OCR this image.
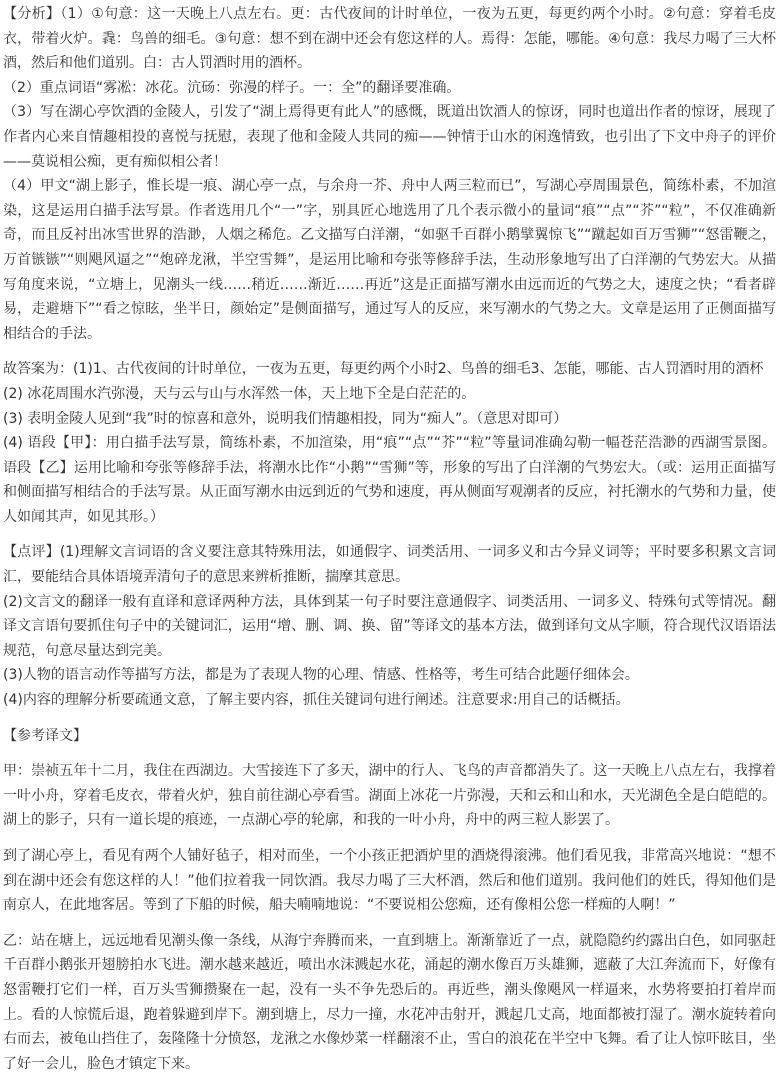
【分析】（1）①句意：这一天晚上八点左右。更：古代夜间的计时单位，一夜为五更，每更约两个小时。②句意：穿着毛皮衣，带着火炉。毳：鸟兽的细毛。③句意：想不到在湖中还会有您这样的人。焉得：怎能，哪能。④句意：我尽力喝了三大杯酒，然后和他们道别。白：古人罚酒时用的酒杯。

（2）重点词语“雾凇：冰花。沆砀：弥漫的样子。一：全”的翻译要准确。

（3）写在湖心亭饮酒的金陵人，引发了“湖上焉得更有此人”的感慨，既道出饮酒人的惊讶，同时也道出作者的惊讶，展现了作者内心来自情趣相投的喜悦与抚慰，表现了他和金陵人共同的痴——钟情于山水的闲逸情致，也引出了下文中舟子的评价——莫说相公痴，更有痴似相公者！

（4）甲文“湖上影子，惟长堤一痕、湖心亭一点，与余舟一芥、舟中人两三粒而已”，写湖心亭周围景色，简练朴素，不加渲染，这是运用白描手法写景。作者选用几个“一”字，别具匠心地选用了几个表示微小的量词“痕”“点”“芥”“粒”，不仅准确新奇，而且反衬出冰雪世界的浩渺，人烟之稀危。乙文描写白洋潮，“如驱千百群小鹅擘翼惊飞”“蹴起如百万雪狮”“怒雷鞭之，万首镞镞”“则飓风逼之”“炮碎龙湫，半空雪舞”，是运用比喻和夸张等修辞手法，生动形象地写出了白洋潮的气势宏大。从描写角度来说，“立塘上，见潮头一线……稍近……渐近……再近”这是正面描写潮水由远而近的气势之大，速度之快；“看者辟易，走避塘下”“看之惊眩，坐半日，颜始定”是侧面描写，通过写人的反应，来写潮水的气势之大。文章是运用了正侧面描写相结合的手法。

故答案为：(1)1、古代夜间的计时单位，一夜为五更，每更约两个小时2、鸟兽的细毛3、怎能，哪能、古人罚酒时用的酒杯

(2) 冰花周围水汽弥漫，天与云与山与水浑然一体，天上地下全是白茫茫的。

(3) 表明金陵人见到“我”时的惊喜和意外，说明我们情趣相投，同为“痴人”。（意思对即可）

(4) 语段【甲】：用白描手法写景，简练朴素，不加渲染，用“痕”“点”“芥”“粒”等量词准确勾勒一幅苍茫浩渺的西湖雪景图。语段【乙】运用比喻和夸张等修辞手法，将潮水比作“小鹅”“雪狮”等，形象的写出了白洋潮的气势宏大。（或：运用正面描写和侧面描写相结合的手法写景。从正面写潮水由远到近的气势和速度，再从侧面写观潮者的反应，衬托潮水的气势和力量，使人如闻其声，如见其形。）

【点评】(1)理解文言词语的含义要注意其特殊用法，如通假字、词类活用、一词多义和古今异义词等；平时要多积累文言词汇，要能结合具体语境弄清句子的意思来辨析推断，揣摩其意思。

(2)文言文的翻译一般有直译和意译两种方法，具体到某一句子时要注意通假字、词类活用、一词多义、特殊句式等情况。翻译文言语句要抓住句子中的关键词汇，运用“增、删、调、换、留”等译文的基本方法，做到译句文从字顺，符合现代汉语语法规范，句意尽量达到完美。

(3)人物的语言动作等描写方法，都是为了表现人物的心理、情感、性格等，考生可结合此题仔细体会。

(4)内容的理解分析要疏通文意，了解主要内容，抓住关键词句进行阐述。注意要求:用自己的话概括。

【参考译文】

甲：崇祯五年十二月，我住在西湖边。大雪接连下了多天，湖中的行人、飞鸟的声音都消失了。这一天晚上八点左右，我撑着一叶小舟，穿着毛皮衣，带着火炉，独自前往湖心亭看雪。湖面上冰花一片弥漫，天和云和山和水，天光湖色全是白皑皑的。湖上的影子，只有一道长堤的痕迹，一点湖心亭的轮廓，和我的一叶小舟，舟中的两三粒人影罢了。

到了湖心亭上，看见有两个人铺好毡子，相对而坐，一个小孩正把酒炉里的酒烧得滚沸。他们看见我，非常高兴地说：“想不到在湖中还会有您这样的人！”他们拉着我一同饮酒。我尽力喝了三大杯酒，然后和他们道别。我问他们的姓氏，得知他们是南京人，在此地客居。等到了下船的时候，船夫喃喃地说：“不要说相公您痴，还有像相公您一样痴的人啊！”

乙：站在塘上，远远地看见潮头像一条线，从海宁奔腾而来，一直到塘上。渐渐靠近了一点，就隐隐约约露出白色，如同驱赶千百群小鹅张开翅膀拍水飞进。潮水越来越近，喷出水沫溅起水花，涌起的潮水像百万头雄狮，遮蔽了大江奔流而下，好像有怒雷鞭打它们一样，百万头雪狮攒聚在一起，没有一头不争先恐后的。再近些，潮头像飓风一样逼来，水势将要拍打着岸而上。看的人惊慌后退，跑着躲避到岸下。潮到塘上，尽力一撞，水花冲击射开，溅起几丈高，地面都被打湿了。潮水旋转着向右而去，被龟山挡住了，轰隆隆十分愤怒，龙湫之水像炒菜一样翻滚不止，雪白的浪花在半空中飞舞。看了让人惊吓眩目，坐了好一会儿，脸色才镇定下来。
